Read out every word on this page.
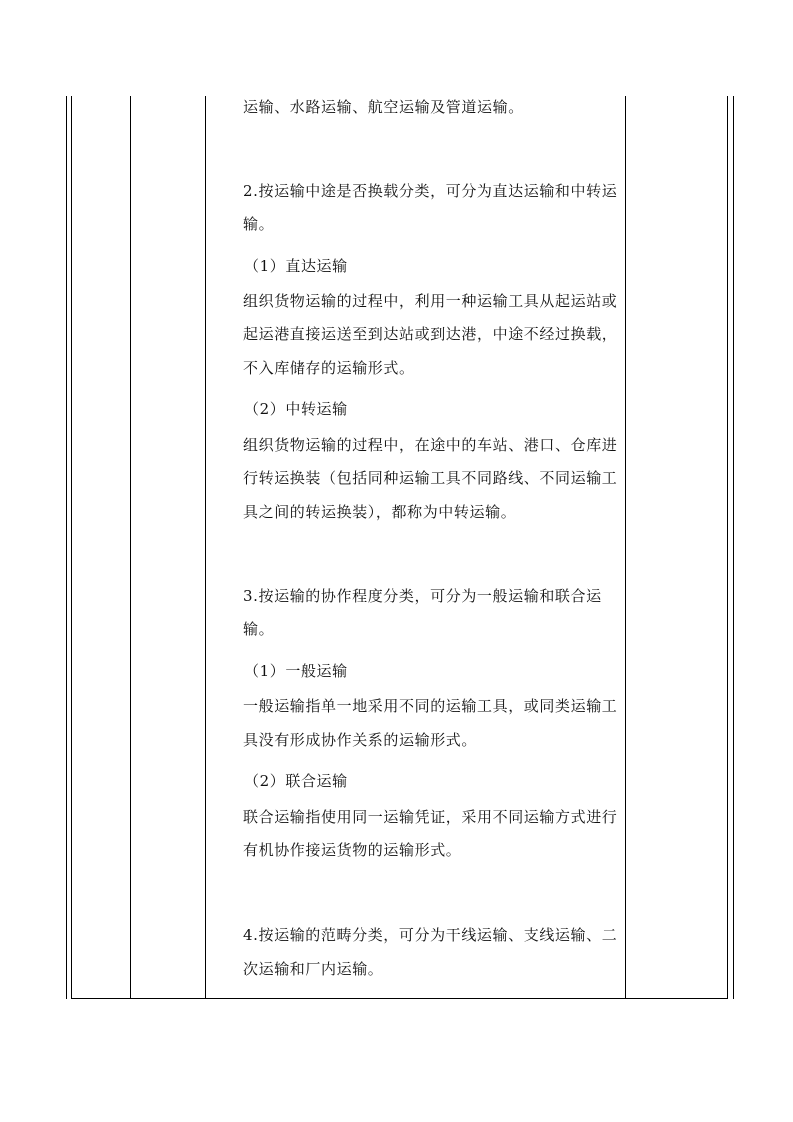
运输、水路运输、航空运输及管道运输。
2.按运输中途是否换载分类，可分为直达运输和中转运
输。
（1）直达运输
组织货物运输的过程中，利用一种运输工具从起运站或
起运港直接运送至到达站或到达港，中途不经过换载，
不入库储存的运输形式。
（2）中转运输
组织货物运输的过程中，在途中的车站、港口、仓库进
行转运换装（包括同种运输工具不同路线、不同运输工
具之间的转运换装），都称为中转运输。
3.按运输的协作程度分类，可分为一般运输和联合运
输。
（1）一般运输
一般运输指单一地采用不同的运输工具，或同类运输工
具没有形成协作关系的运输形式。
（2）联合运输
联合运输指使用同一运输凭证，采用不同运输方式进行
有机协作接运货物的运输形式。
4.按运输的范畴分类，可分为干线运输、支线运输、二
次运输和厂内运输。
